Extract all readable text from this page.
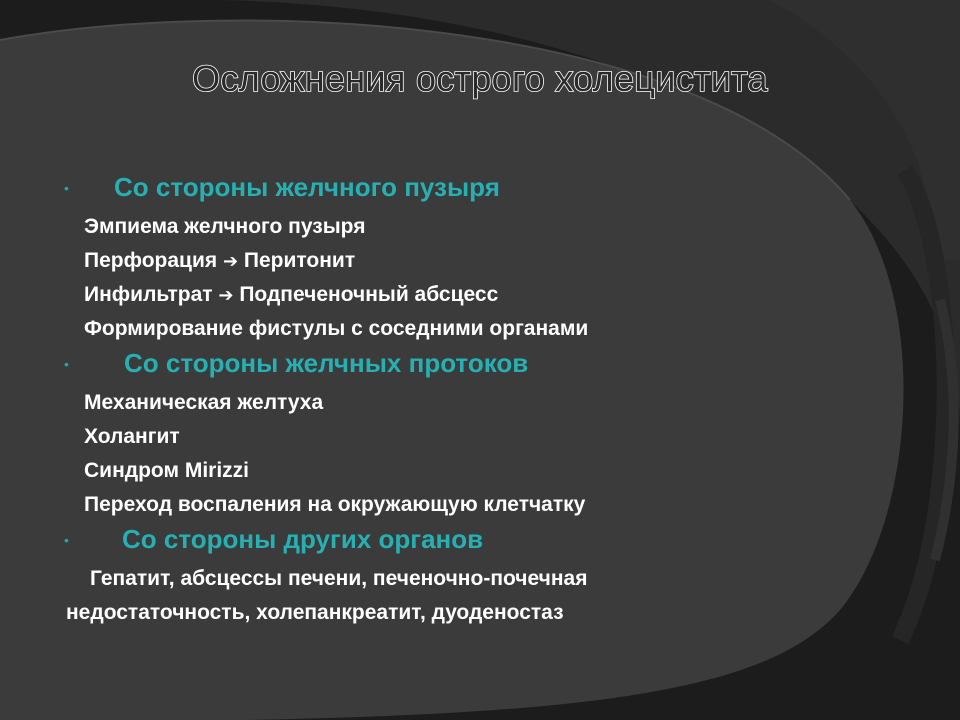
Осложнения острого холецистита
• Со стороны желчного пузыря
Эмпиема желчного пузыря
Перфорация ➔ Перитонит
Инфильтрат ➔ Подпеченочный абсцесс
Формирование фистулы с соседними органами
• Со стороны желчных протоков
Механическая желтуха
Холангит
Синдром Mirizzi
Переход воспаления на окружающую клетчатку
• Со стороны других органов
Гепатит, абсцессы печени, печеночно-почечная
недостаточность, холепанкреатит, дуоденостаз
